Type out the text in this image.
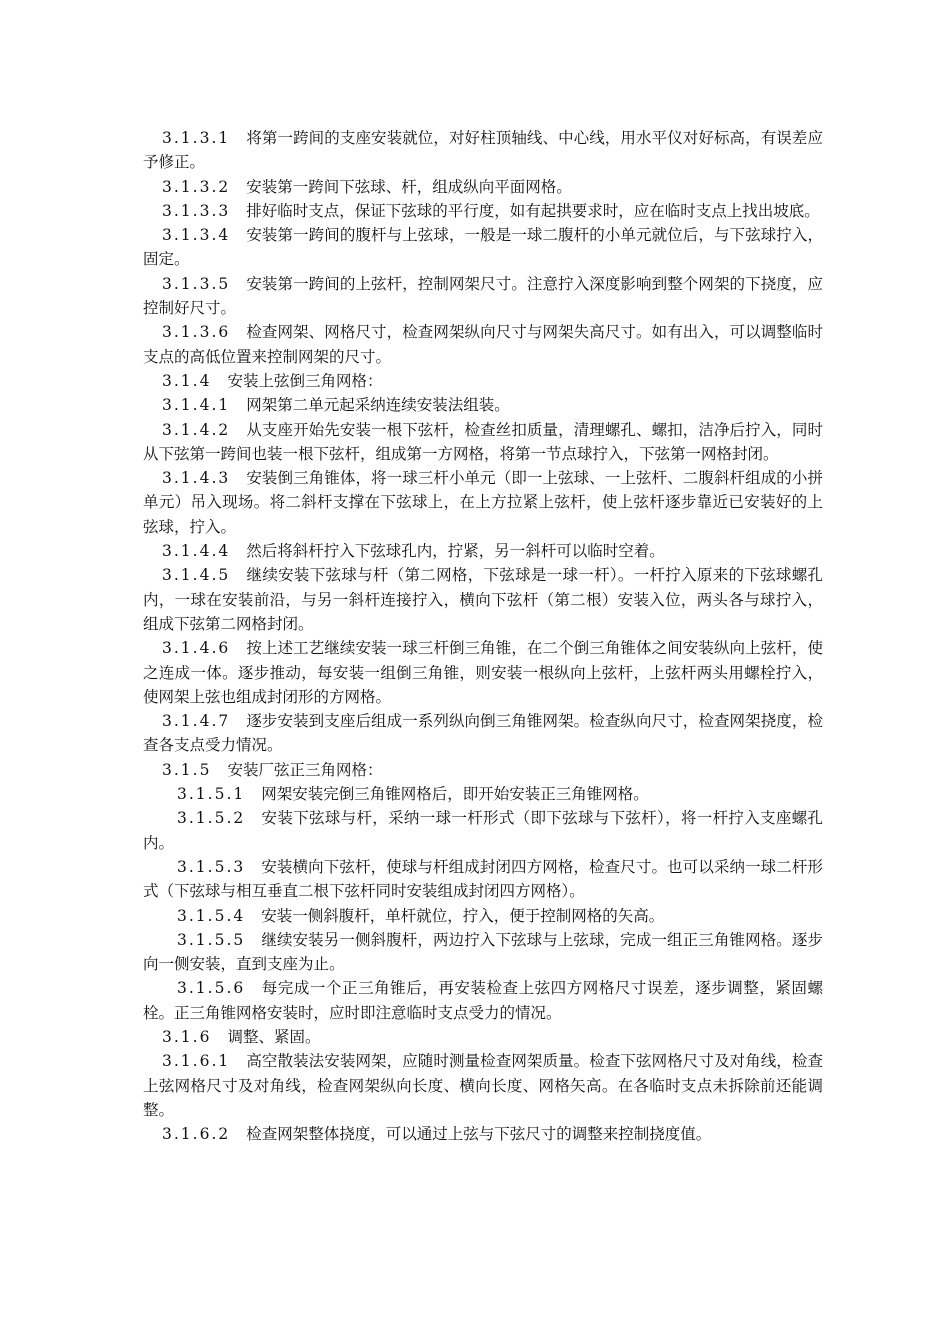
3.1.3.1 将第一跨间的支座安装就位，对好柱顶轴线、中心线，用水平仪对好标高，有误差应予修正。

3.1.3.2 安装第一跨间下弦球、杆，组成纵向平面网格。

3.1.3.3 排好临时支点，保证下弦球的平行度，如有起拱要求时，应在临时支点上找出坡底。

3.1.3.4 安装第一跨间的腹杆与上弦球，一般是一球二腹杆的小单元就位后，与下弦球拧入，固定。

3.1.3.5 安装第一跨间的上弦杆，控制网架尺寸。注意拧入深度影响到整个网架的下挠度，应控制好尺寸。

3.1.3.6 检查网架、网格尺寸，检查网架纵向尺寸与网架失高尺寸。如有出入，可以调整临时支点的高低位置来控制网架的尺寸。

3.1.4 安装上弦倒三角网格：

3.1.4.1 网架第二单元起采纳连续安装法组装。

3.1.4.2 从支座开始先安装一根下弦杆，检查丝扣质量，清理螺孔、螺扣，洁净后拧入，同时从下弦第一跨间也装一根下弦杆，组成第一方网格，将第一节点球拧入，下弦第一网格封闭。

3.1.4.3 安装倒三角锥体，将一球三杆小单元（即一上弦球、一上弦杆、二腹斜杆组成的小拼单元）吊入现场。将二斜杆支撑在下弦球上，在上方拉紧上弦杆，使上弦杆逐步靠近已安装好的上弦球，拧入。

3.1.4.4 然后将斜杆拧入下弦球孔内，拧紧，另一斜杆可以临时空着。

3.1.4.5 继续安装下弦球与杆（第二网格，下弦球是一球一杆）。一杆拧入原来的下弦球螺孔内，一球在安装前沿，与另一斜杆连接拧入，横向下弦杆（第二根）安装入位，两头各与球拧入，组成下弦第二网格封闭。

3.1.4.6 按上述工艺继续安装一球三杆倒三角锥，在二个倒三角锥体之间安装纵向上弦杆，使之连成一体。逐步推动，每安装一组倒三角锥，则安装一根纵向上弦杆，上弦杆两头用螺栓拧入，使网架上弦也组成封闭形的方网格。

3.1.4.7 逐步安装到支座后组成一系列纵向倒三角锥网架。检查纵向尺寸，检查网架挠度，检查各支点受力情况。

3.1.5 安装厂弦正三角网格：

3.1.5.1 网架安装完倒三角锥网格后，即开始安装正三角锥网格。

3.1.5.2 安装下弦球与杆，采纳一球一杆形式（即下弦球与下弦杆），将一杆拧入支座螺孔内。

3.1.5.3 安装横向下弦杆，使球与杆组成封闭四方网格，检查尺寸。也可以采纳一球二杆形式（下弦球与相互垂直二根下弦杆同时安装组成封闭四方网格）。

3.1.5.4 安装一侧斜腹杆，单杆就位，拧入，便于控制网格的矢高。

3.1.5.5 继续安装另一侧斜腹杆，两边拧入下弦球与上弦球，完成一组正三角锥网格。逐步向一侧安装，直到支座为止。

3.1.5.6 每完成一个正三角锥后，再安装检查上弦四方网格尺寸误差，逐步调整，紧固螺栓。正三角锥网格安装时，应时即注意临时支点受力的情况。

3.1.6 调整、紧固。

3.1.6.1 高空散装法安装网架，应随时测量检查网架质量。检查下弦网格尺寸及对角线，检查上弦网格尺寸及对角线，检查网架纵向长度、横向长度、网格矢高。在各临时支点未拆除前还能调整。

3.1.6.2 检查网架整体挠度，可以通过上弦与下弦尺寸的调整来控制挠度值。
